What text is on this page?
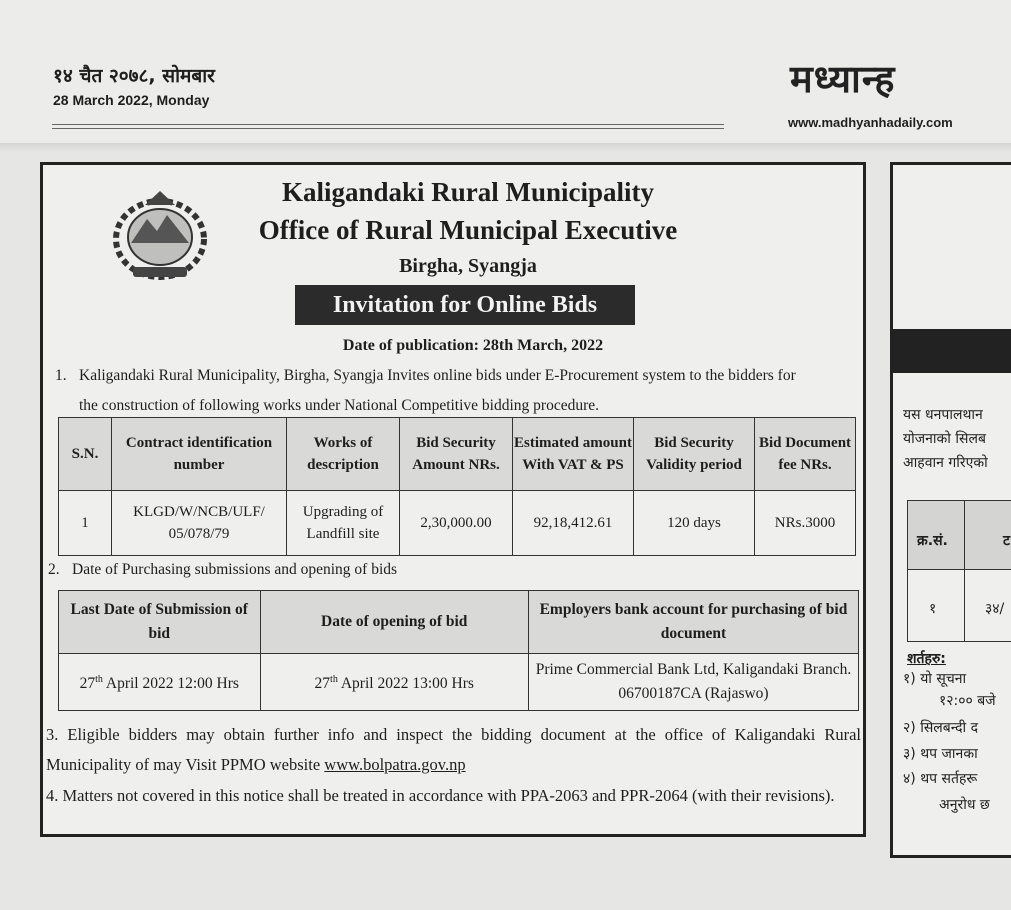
१४ चैत २०७८, सोमबार
28 March 2022, Monday	मध्यान्ह
www.madhyanhadaily.com
Kaligandaki Rural Municipality
Office of Rural Municipal Executive
Birgha, Syangja
Invitation for Online Bids
Date of publication: 28th March, 2022
1. Kaligandaki Rural Municipality, Birgha, Syangja Invites online bids under E-Procurement system to the bidders for
the construction of following works under National Competitive bidding procedure.
S.N.	Contract identification number	Works of description	Bid Security Amount NRs.	Estimated amount With VAT & PS	Bid Security Validity period	Bid Document fee NRs.
1	KLGD/W/NCB/ULF/ 05/078/79	Upgrading of Landfill site	2,30,000.00	92,18,412.61	120 days	NRs.3000
2. Date of Purchasing submissions and opening of bids
Last Date of Submission of bid	Date of opening of bid	Employers bank account for purchasing of bid document
27th April 2022 12:00 Hrs	27th April 2022 13:00 Hrs	Prime Commercial Bank Ltd, Kaligandaki Branch. 06700187CA (Rajaswo)
3. Eligible bidders may obtain further info and inspect the bidding document at the office of Kaligandaki Rural Municipality of may Visit PPMO website www.bolpatra.gov.np
4. Matters not covered in this notice shall be treated in accordance with PPA-2063 and PPR-2064 (with their revisions).
यस धनपालथान
योजनाको सिलब
आहवान गरिएको
क्र.सं.	ट
१	३४/
शर्तहरु:
१) यो सूचना
१२:०० बजे
२) सिलबन्दी द
३) थप जानका
४) थप सर्तहरू
अनुरोध छ
